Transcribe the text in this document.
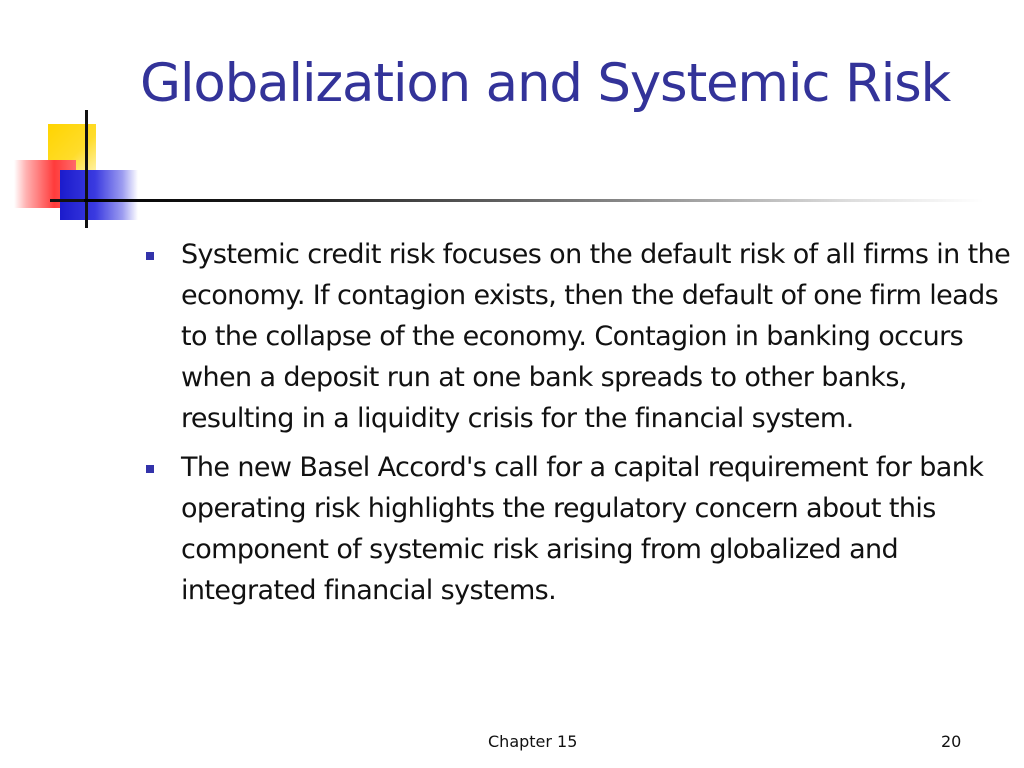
Globalization and Systemic Risk
Systemic credit risk focuses on the default risk of all firms in the economy. If contagion exists, then the default of one firm leads to the collapse of the economy. Contagion in banking occurs when a deposit run at one bank spreads to other banks, resulting in a liquidity crisis for the financial system.
The new Basel Accord's call for a capital requirement for bank operating risk highlights the regulatory concern about this component of systemic risk arising from globalized and integrated financial systems.
Chapter 15	20
